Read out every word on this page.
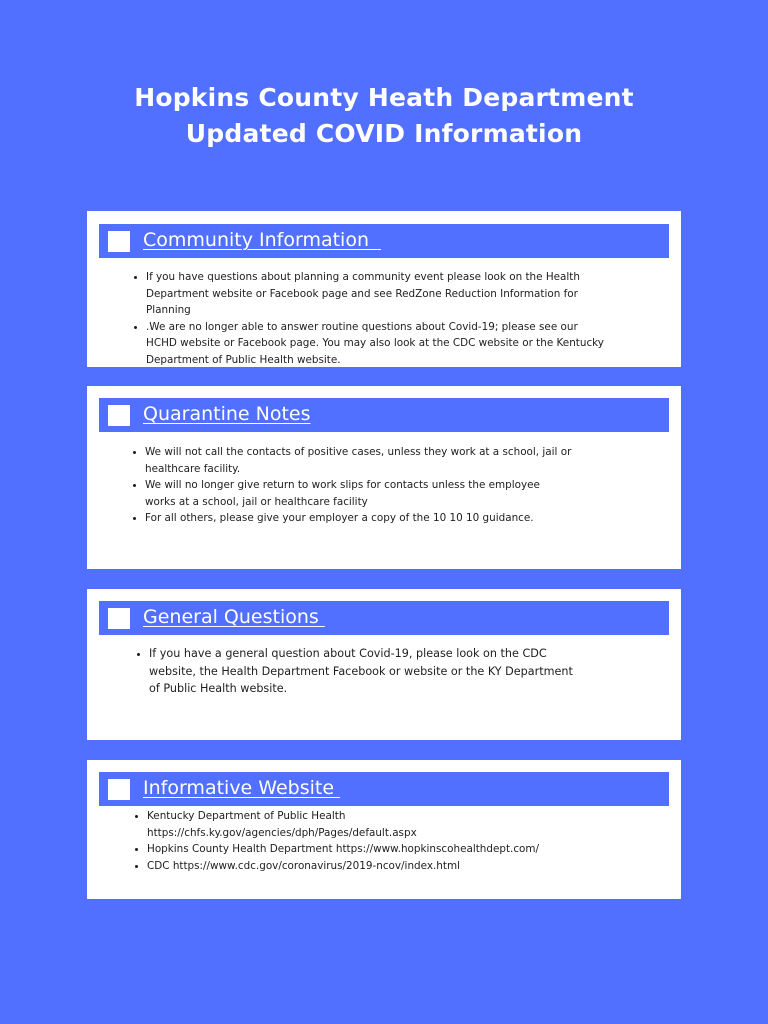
Hopkins County Heath Department
Updated COVID Information
Community Information
If you have questions about planning a community event please look on the Health Department website or Facebook page and see RedZone Reduction Information for Planning
.We are no longer able to answer routine questions about Covid-19; please see our HCHD website or Facebook page. You may also look at the CDC website or the Kentucky Department of Public Health website.
Quarantine Notes
We will not call the contacts of positive cases, unless they work at a school, jail or healthcare facility.
We will no longer give return to work slips for contacts unless the employee works at a school, jail or healthcare facility
For all others, please give your employer a copy of the 10 10 10 guidance.
General Questions
If you have a general question about Covid-19, please look on the CDC website, the Health Department Facebook or website or the KY Department of Public Health website.
Informative Website
Kentucky Department of Public Health https://chfs.ky.gov/agencies/dph/Pages/default.aspx
Hopkins County Health Department https://www.hopkinscohealthdept.com/
CDC https://www.cdc.gov/coronavirus/2019-ncov/index.html
